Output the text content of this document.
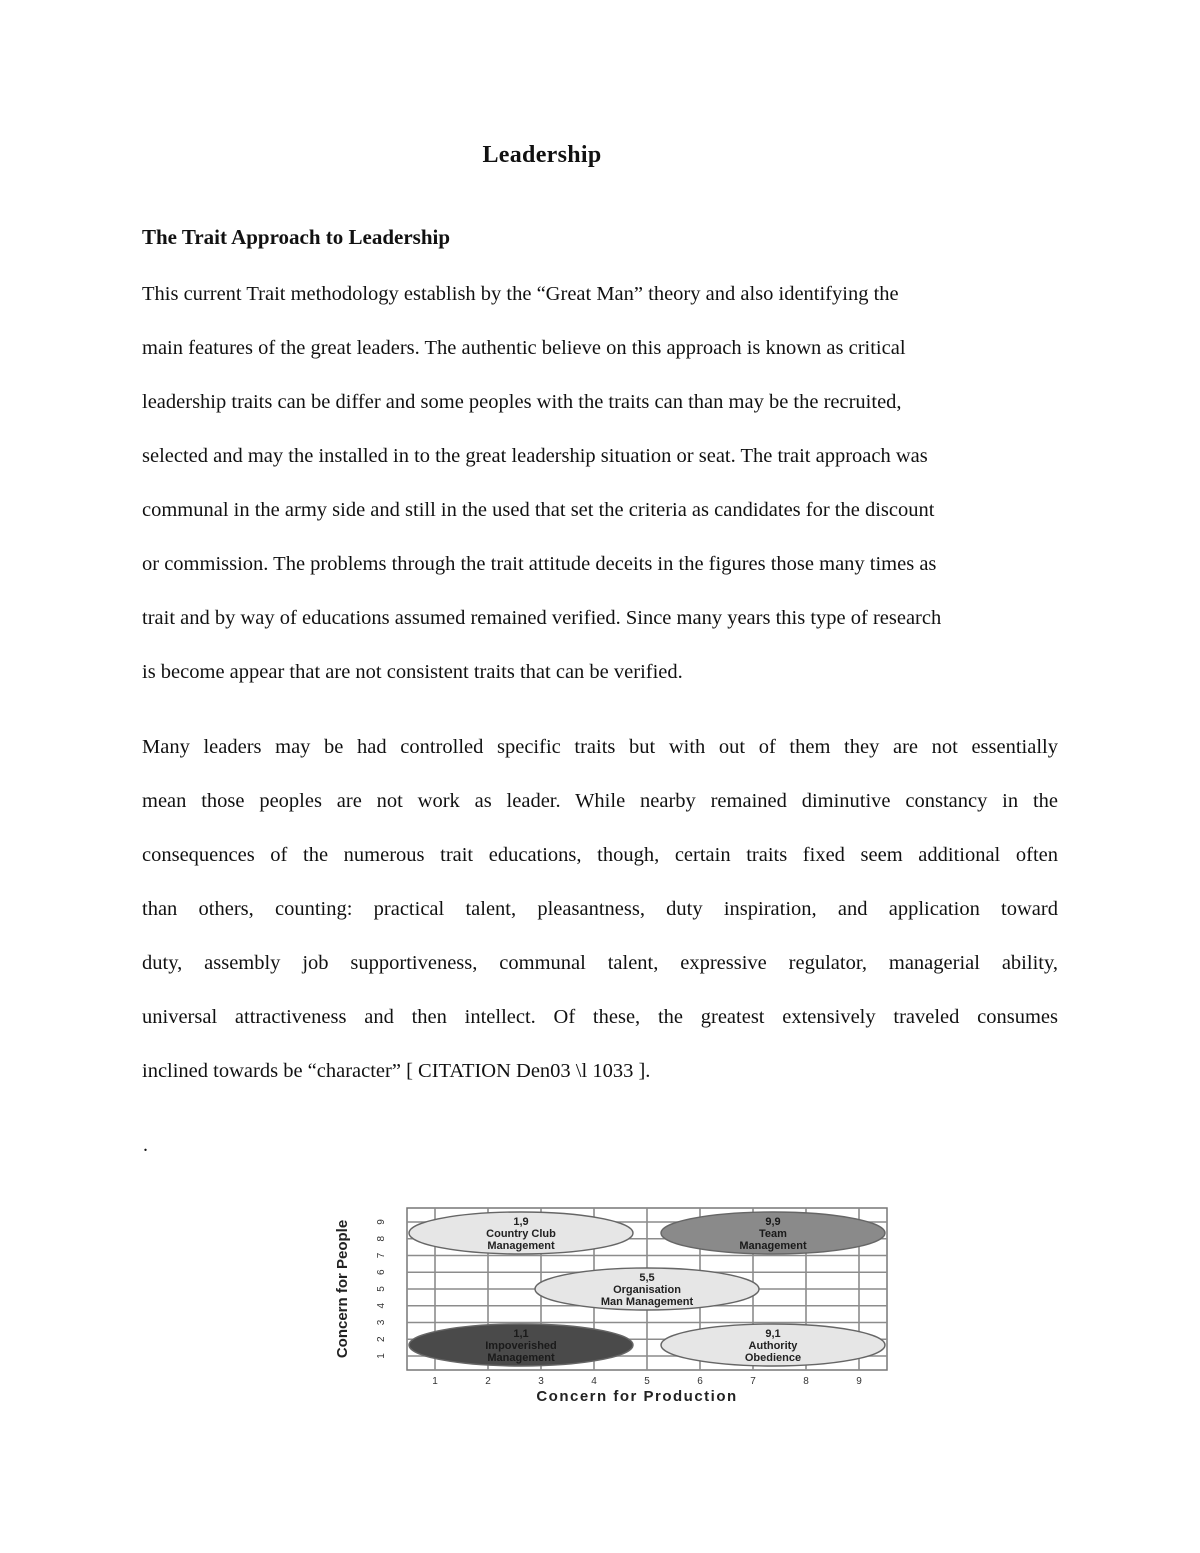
Leadership
The Trait Approach to Leadership

This current Trait methodology establish by the “Great Man” theory and also identifying the
main features of the great leaders. The authentic believe on this approach is known as critical
leadership traits can be differ and some peoples with the traits can than may be the recruited,
selected and may the installed in to the great leadership situation or seat. The trait approach was
communal in the army side and still in the used that set the criteria as candidates for the discount
or commission. The problems through the trait attitude deceits in the figures those many times as
trait and by way of educations assumed remained verified. Since many years this type of research
is become appear that are not consistent traits that can be verified.

Many leaders may be had controlled specific traits but with out of them they are not essentially
mean those peoples are not work as leader. While nearby remained diminutive constancy in the
consequences of the numerous trait educations, though, certain traits fixed seem additional often
than others, counting: practical talent, pleasantness, duty inspiration, and application toward
duty, assembly job supportiveness, communal talent, expressive regulator, managerial ability,
universal attractiveness and then intellect. Of these, the greatest extensively traveled consumes
inclined towards be “character” [ CITATION Den03 \l 1033 ].

.
1,9
Country Club
Management
9,9
Team
Management
5,5
Organisation
Man Management
1,1
Impoverished
Management
9,1
Authority
Obedience
1	2	3	4	5	6	7	8	9
1
2
3
4
5
6
7
8
9
Concern for Production
Concern for People
